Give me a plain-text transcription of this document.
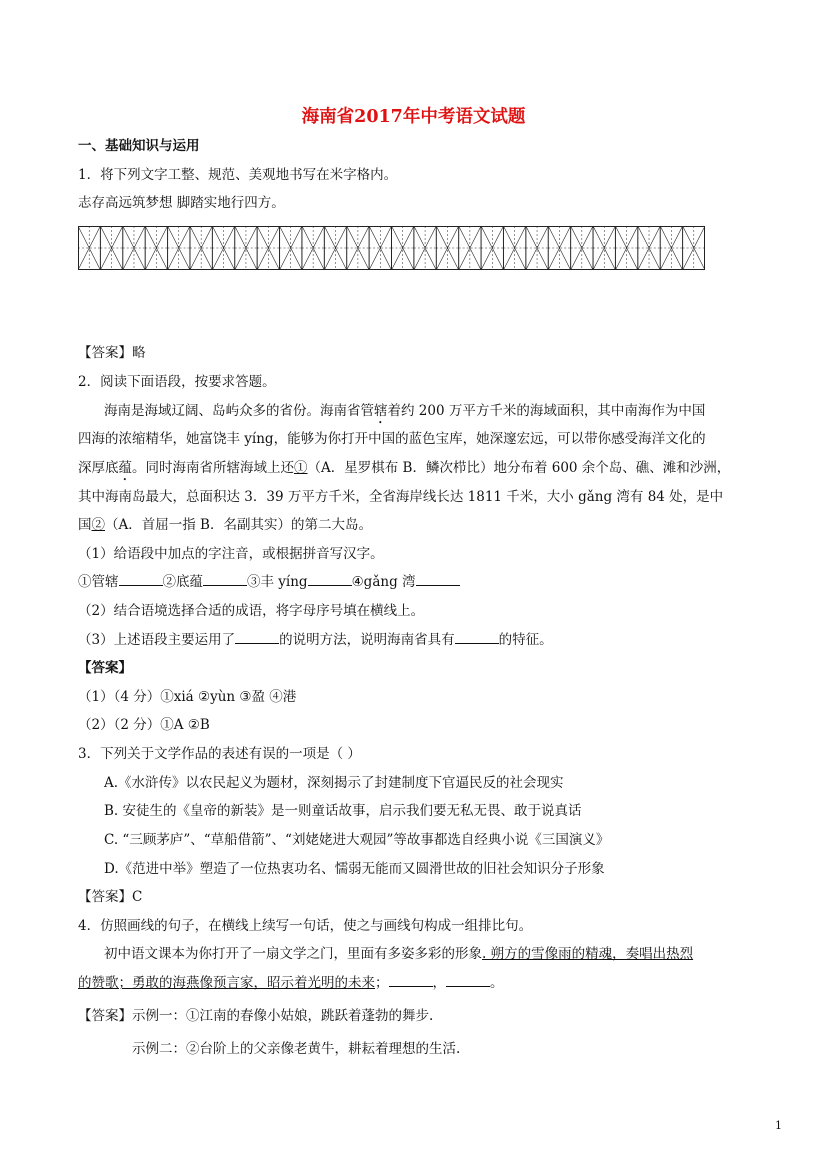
海南省2017年中考语文试题
一、基础知识与运用
1．将下列文字工整、规范、美观地书写在米字格内。
志存高远筑梦想 脚踏实地行四方。
【答案】略
2．阅读下面语段，按要求答题。
海南是海域辽阔、岛屿众多的省份。海南省管辖着约 200 万平方千米的海域面积，其中南海作为中国
四海的浓缩精华，她富饶丰 yíng，能够为你打开中国的蓝色宝库，她深邃宏远，可以带你感受海洋文化的
深厚底蕴。同时海南省所辖海域上还①（A．星罗棋布 B．鳞次栉比）地分布着 600 余个岛、礁、滩和沙洲，
其中海南岛最大，总面积达 3．39 万平方千米，全省海岸线长达 1811 千米，大小 gǎng 湾有 84 处，是中
国②（A．首屈一指 B．名副其实）的第二大岛。
（1）给语段中加点的字注音，或根据拼音写汉字。
①管辖	②底蕴	③丰 yíng	④gǎng 湾
（2）结合语境选择合适的成语，将字母序号填在横线上。
（3）上述语段主要运用了	的说明方法，说明海南省具有	的特征。
【答案】
（1）（4 分）①xiá ②yùn ③盈 ④港
（2）（2 分）①A ②B
3．下列关于文学作品的表述有误的一项是（ ）
A.《水浒传》以农民起义为题材，深刻揭示了封建制度下官逼民反的社会现实
B. 安徒生的《皇帝的新装》是一则童话故事，启示我们要无私无畏、敢于说真话
C. “三顾茅庐”、“草船借箭”、“刘姥姥进大观园”等故事都选自经典小说《三国演义》
D.《范进中举》塑造了一位热衷功名、懦弱无能而又圆滑世故的旧社会知识分子形象
【答案】C
4．仿照画线的句子，在横线上续写一句话，使之与画线句构成一组排比句。
初中语文课本为你打开了一扇文学之门，里面有多姿多彩的形象. 朔方的雪像雨的精魂，奏唱出热烈
的赞歌；勇敢的海燕像预言家，昭示着光明的未来；	，	。
【答案】示例一：①江南的春像小姑娘，跳跃着蓬勃的舞步.
示例二：②台阶上的父亲像老黄牛，耕耘着理想的生活.
1
